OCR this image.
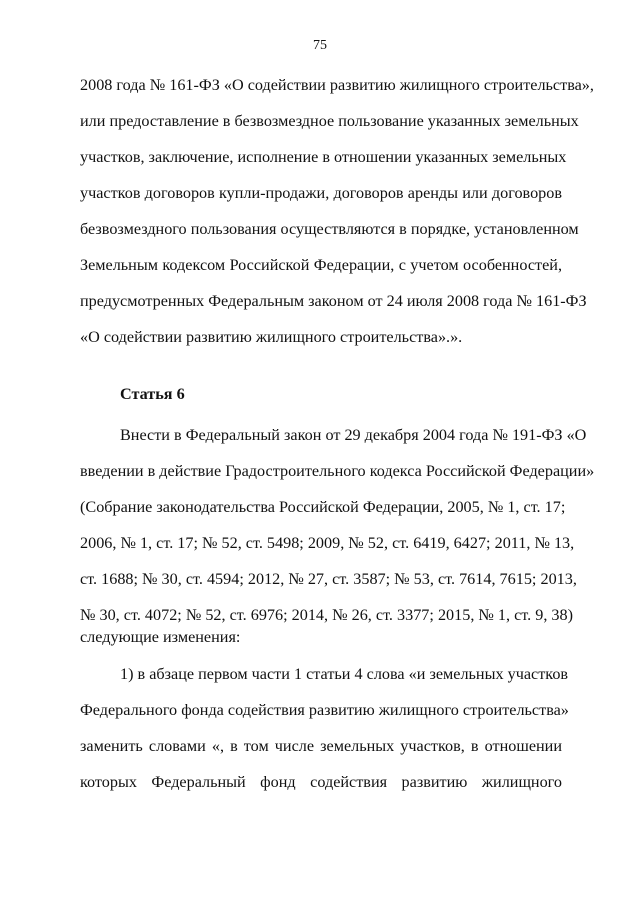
75
2008 года № 161-ФЗ «О содействии развитию жилищного строительства»,
или предоставление в безвозмездное пользование указанных земельных
участков, заключение, исполнение в отношении указанных земельных
участков договоров купли-продажи, договоров аренды или договоров
безвозмездного пользования осуществляются в порядке, установленном
Земельным кодексом Российской Федерации, с учетом особенностей,
предусмотренных Федеральным законом от 24 июля 2008 года № 161-ФЗ
«О содействии развитию жилищного строительства».».
Статья 6
Внести в Федеральный закон от 29 декабря 2004 года № 191-ФЗ «О
введении в действие Градостроительного кодекса Российской Федерации»
(Собрание законодательства Российской Федерации, 2005, № 1, ст. 17;
2006, № 1, ст. 17; № 52, ст. 5498; 2009, № 52, ст. 6419, 6427; 2011, № 13,
ст. 1688; № 30, ст. 4594; 2012, № 27, ст. 3587; № 53, ст. 7614, 7615; 2013,
№ 30, ст. 4072; № 52, ст. 6976; 2014, № 26, ст. 3377; 2015, № 1, ст. 9, 38)
следующие изменения:
1) в абзаце первом части 1 статьи 4 слова «и земельных участков
Федерального фонда содействия развитию жилищного строительства»
заменить словами «, в том числе земельных участков, в отношении
которых Федеральный фонд содействия развитию жилищного
